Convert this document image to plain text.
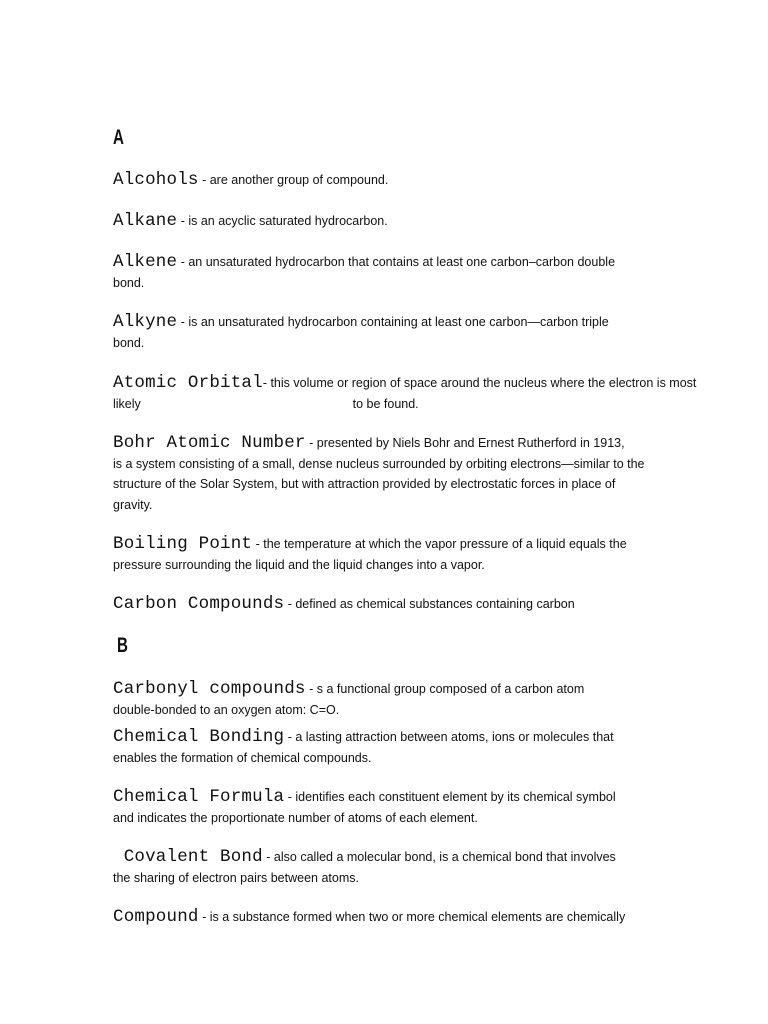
A
Alcohols - are another group of compound.
Alkane - is an acyclic saturated hydrocarbon.
Alkene - an unsaturated hydrocarbon that contains at least one carbon–carbon double
bond.
Alkyne - is an unsaturated hydrocarbon containing at least one carbon—carbon triple
bond.
Atomic Orbital- this volume or region of space around the nucleus where the electron is most
likely                                                             to be found.
Bohr Atomic Number - presented by Niels Bohr and Ernest Rutherford in 1913,
is a system consisting of a small, dense nucleus surrounded by orbiting electrons—similar to the
structure of the Solar System, but with attraction provided by electrostatic forces in place of
gravity.
Boiling Point - the temperature at which the vapor pressure of a liquid equals the
pressure surrounding the liquid and the liquid changes into a vapor.
Carbon Compounds - defined as chemical substances containing carbon
B
Carbonyl compounds - s a functional group composed of a carbon atom
double-bonded to an oxygen atom: C=O.
Chemical Bonding - a lasting attraction between atoms, ions or molecules that
enables the formation of chemical compounds.
Chemical Formula - identifies each constituent element by its chemical symbol
and indicates the proportionate number of atoms of each element.
Covalent Bond - also called a molecular bond, is a chemical bond that involves
the sharing of electron pairs between atoms.
Compound - is a substance formed when two or more chemical elements are chemically
